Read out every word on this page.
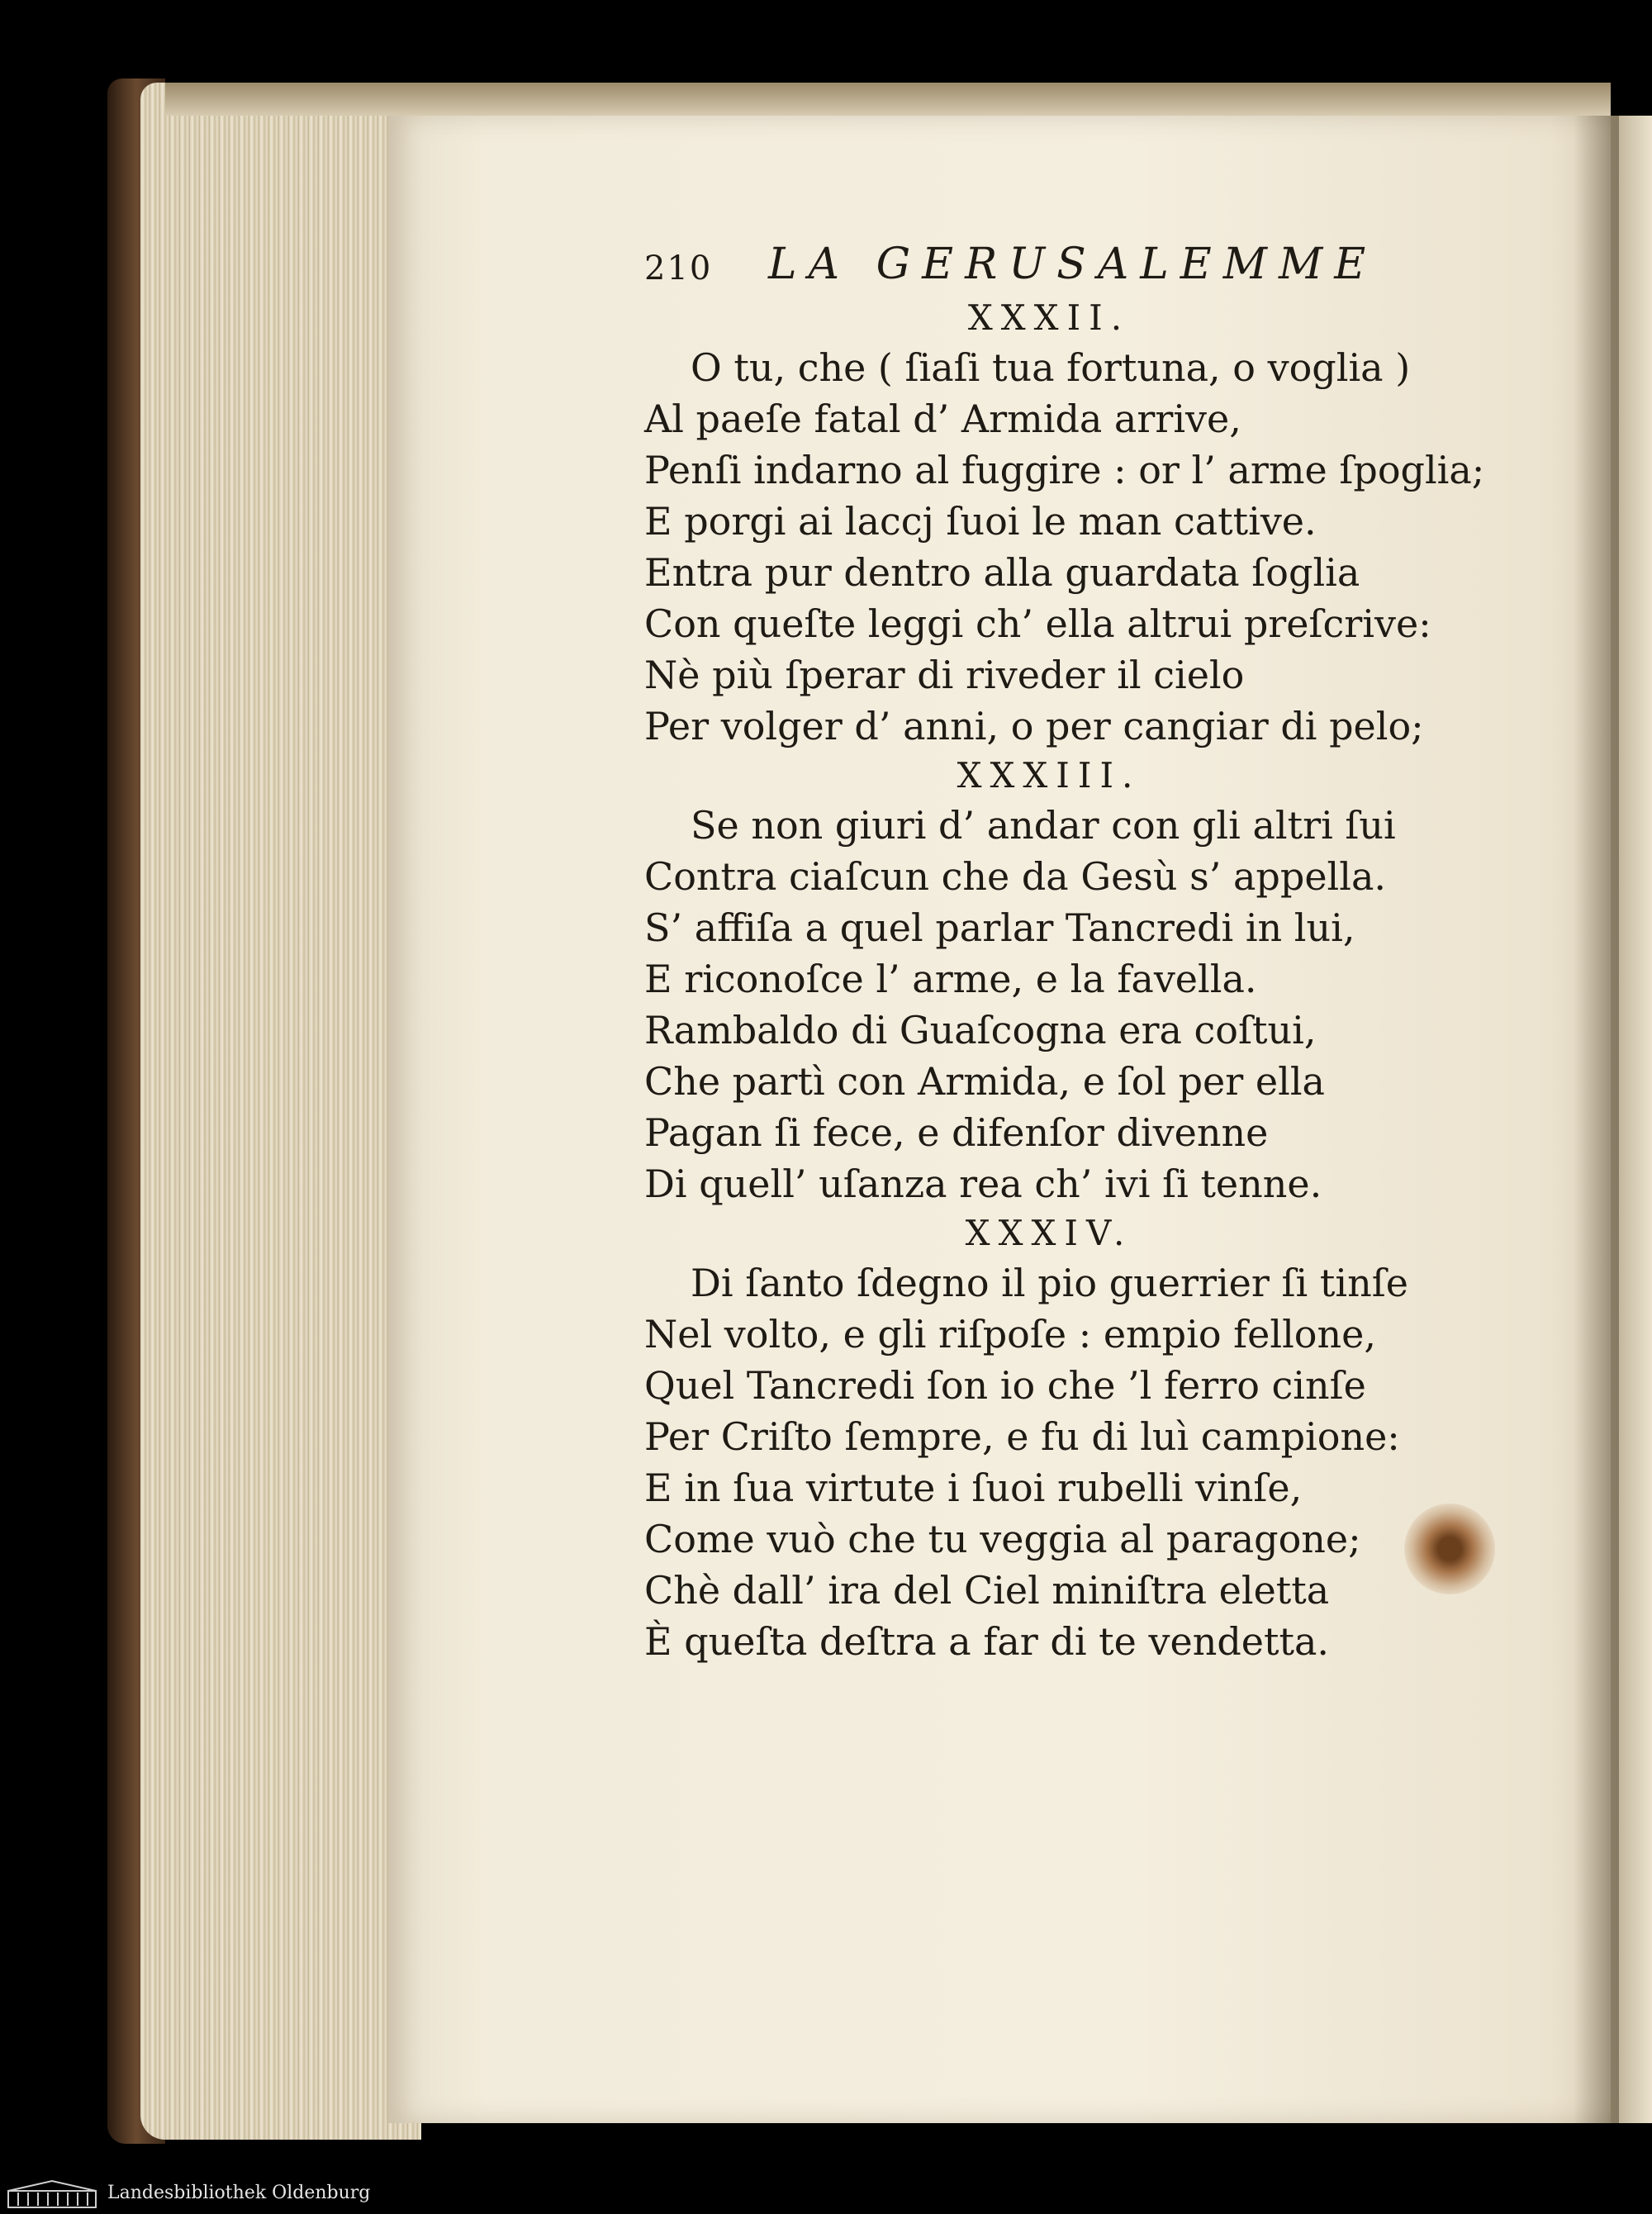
210 LA GERUSALEMME
XXXII.
O tu, che ( ſiaſi tua fortuna, o voglia )
Al paeſe fatal d’ Armida arrive,
Penſi indarno al fuggire : or l’ arme ſpoglia;
E porgi ai laccj ſuoi le man cattive.
Entra pur dentro alla guardata ſoglia
Con queſte leggi ch’ ella altrui preſcrive:
Nè più ſperar di riveder il cielo
Per volger d’ anni, o per cangiar di pelo;
XXXIII.
Se non giuri d’ andar con gli altri ſui
Contra ciaſcun che da Gesù s’ appella.
S’ affiſa a quel parlar Tancredi in lui,
E riconoſce l’ arme, e la favella.
Rambaldo di Guaſcogna era coſtui,
Che partì con Armida, e ſol per ella
Pagan ſi fece, e difenſor divenne
Di quell’ uſanza rea ch’ ivi ſi tenne.
XXXIV.
Di ſanto ſdegno il pio guerrier ſi tinſe
Nel volto, e gli riſpoſe : empio fellone,
Quel Tancredi ſon io che ’l ferro cinſe
Per Criſto ſempre, e fu di luì campione:
E in ſua virtute i ſuoi rubelli vinſe,
Come vuò che tu veggia al paragone;
Chè dall’ ira del Ciel miniſtra eletta
È queſta deſtra a far di te vendetta.
Landesbibliothek Oldenburg
